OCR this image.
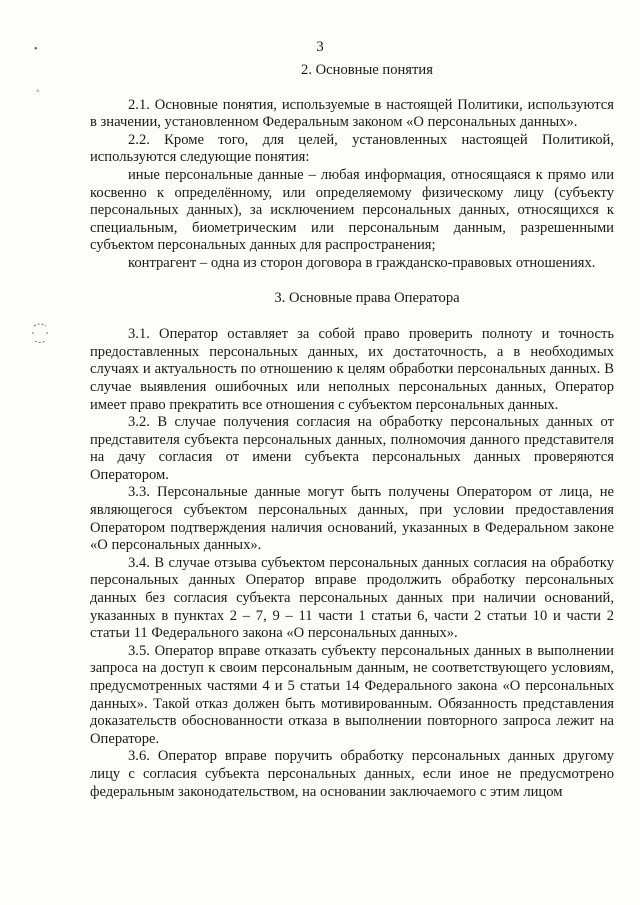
3
•
◦

2. Основные понятия

2.1. Основные понятия, используемые в настоящей Политики, используются в значении, установленном Федеральным законом «О персональных данных».

2.2. Кроме того, для целей, установленных настоящей Политикой, используются следующие понятия:

иные персональные данные – любая информация, относящаяся к прямо или косвенно к определённому, или определяемому физическому лицу (субъекту персональных данных), за исключением персональных данных, относящихся к специальным, биометрическим или персональным данным, разрешенными субъектом персональных данных для распространения;

контрагент – одна из сторон договора в гражданско-правовых отношениях.

3. Основные права Оператора

3.1. Оператор оставляет за собой право проверить полноту и точность предоставленных персональных данных, их достаточность, а в необходимых случаях и актуальность по отношению к целям обработки персональных данных. В случае выявления ошибочных или неполных персональных данных, Оператор имеет право прекратить все отношения с субъектом персональных данных.

3.2. В случае получения согласия на обработку персональных данных от представителя субъекта персональных данных, полномочия данного представителя на дачу согласия от имени субъекта персональных данных проверяются Оператором.

3.3. Персональные данные могут быть получены Оператором от лица, не являющегося субъектом персональных данных, при условии предоставления Оператором подтверждения наличия оснований, указанных в Федеральном законе «О персональных данных».

3.4. В случае отзыва субъектом персональных данных согласия на обработку персональных данных Оператор вправе продолжить обработку персональных данных без согласия субъекта персональных данных при наличии оснований, указанных в пунктах 2 – 7, 9 – 11 части 1 статьи 6, части 2 статьи 10 и части 2 статьи 11 Федерального закона «О персональных данных».

3.5. Оператор вправе отказать субъекту персональных данных в выполнении запроса на доступ к своим персональным данным, не соответствующего условиям, предусмотренных частями 4 и 5 статьи 14 Федерального закона «О персональных данных». Такой отказ должен быть мотивированным. Обязанность представления доказательств обоснованности отказа в выполнении повторного запроса лежит на Операторе.

3.6. Оператор вправе поручить обработку персональных данных другому лицу с согласия субъекта персональных данных, если иное не предусмотрено федеральным законодательством, на основании заключаемого с этим лицом
